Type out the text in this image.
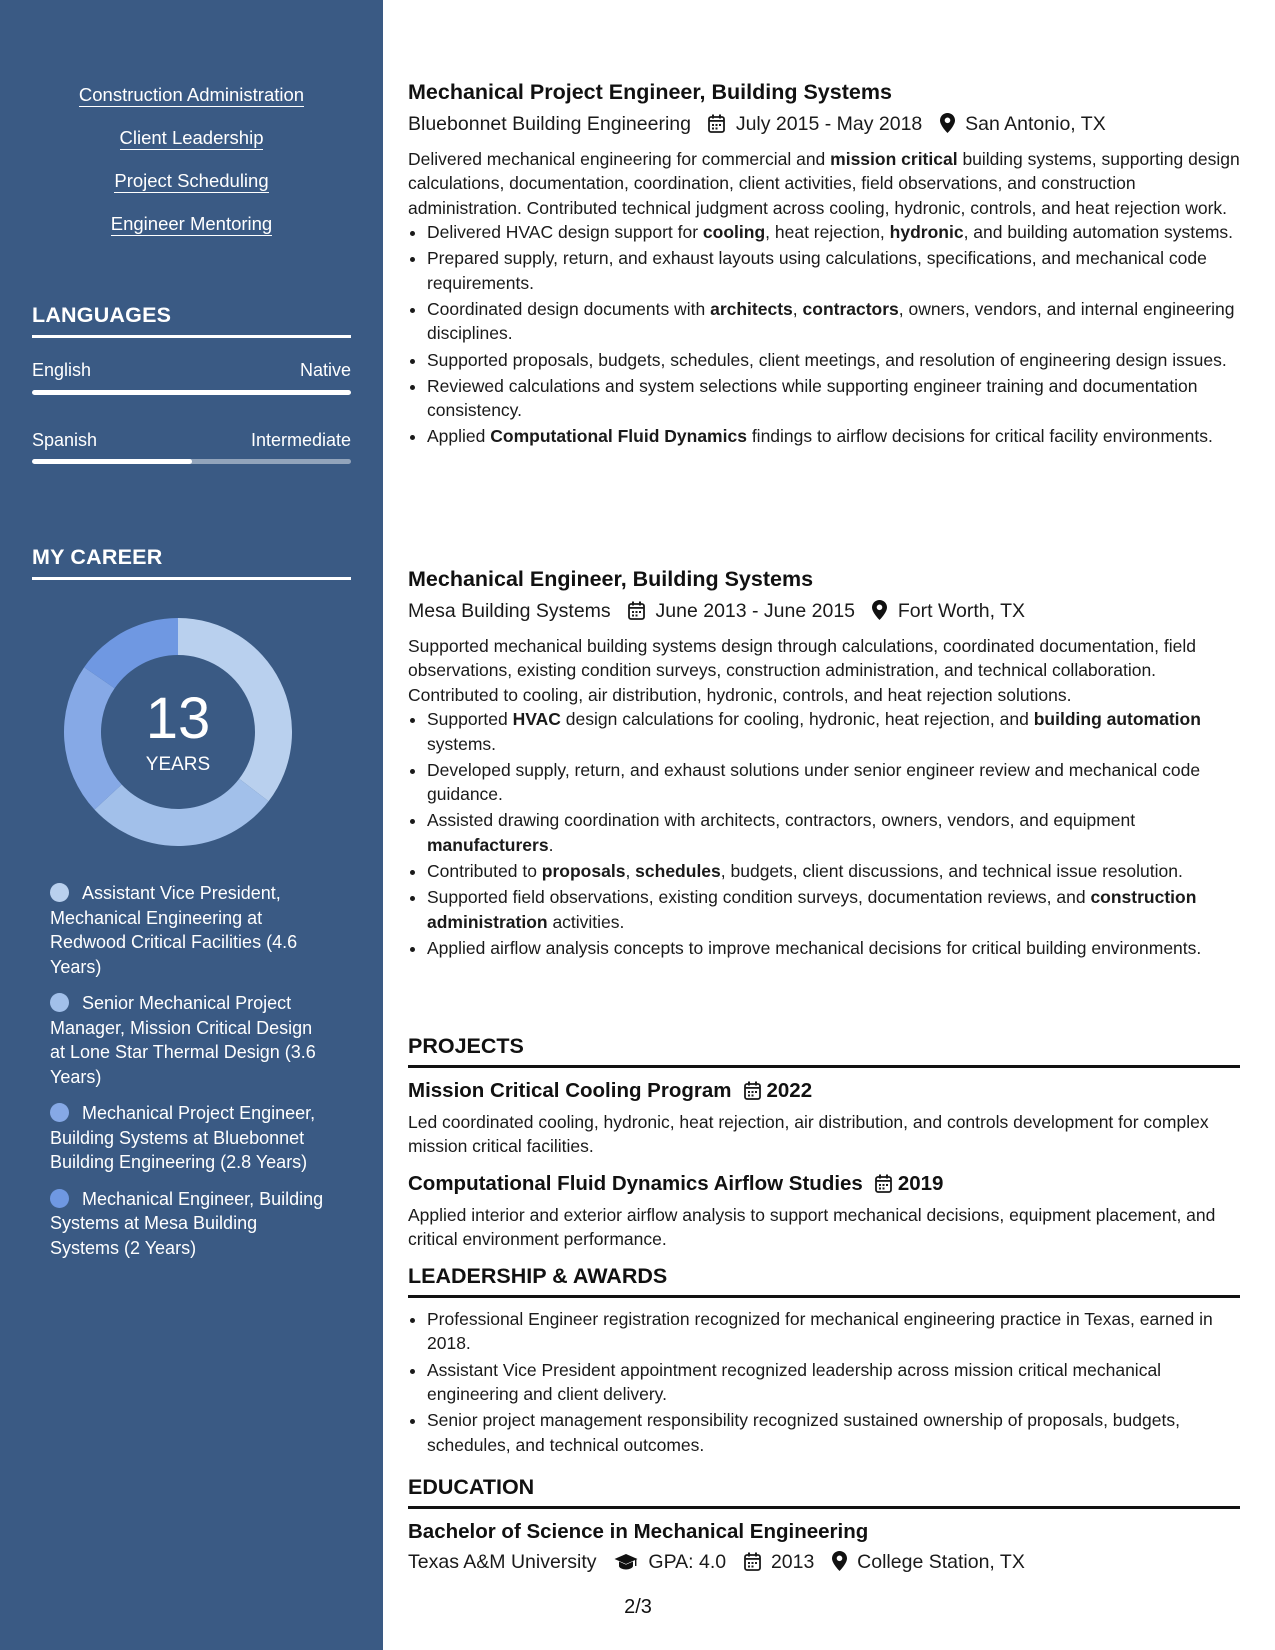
Construction Administration
Client Leadership
Project Scheduling
Engineer Mentoring
LANGUAGES
English	Native
Spanish	Intermediate
MY CAREER
13
YEARS
Assistant Vice President, Mechanical Engineering at Redwood Critical Facilities (4.6 Years)
Senior Mechanical Project Manager, Mission Critical Design at Lone Star Thermal Design (3.6 Years)
Mechanical Project Engineer, Building Systems at Bluebonnet Building Engineering (2.8 Years)
Mechanical Engineer, Building Systems at Mesa Building Systems (2 Years)
Mechanical Project Engineer, Building Systems
Bluebonnet Building Engineering July 2015 - May 2018 San Antonio, TX
Delivered mechanical engineering for commercial and mission critical building systems, supporting design calculations, documentation, coordination, client activities, field observations, and construction administration. Contributed technical judgment across cooling, hydronic, controls, and heat rejection work.
• Delivered HVAC design support for cooling, heat rejection, hydronic, and building automation systems.
• Prepared supply, return, and exhaust layouts using calculations, specifications, and mechanical code requirements.
• Coordinated design documents with architects, contractors, owners, vendors, and internal engineering disciplines.
• Supported proposals, budgets, schedules, client meetings, and resolution of engineering design issues.
• Reviewed calculations and system selections while supporting engineer training and documentation consistency.
• Applied Computational Fluid Dynamics findings to airflow decisions for critical facility environments.
Mechanical Engineer, Building Systems
Mesa Building Systems June 2013 - June 2015 Fort Worth, TX
Supported mechanical building systems design through calculations, coordinated documentation, field observations, existing condition surveys, construction administration, and technical collaboration. Contributed to cooling, air distribution, hydronic, controls, and heat rejection solutions.
• Supported HVAC design calculations for cooling, hydronic, heat rejection, and building automation systems.
• Developed supply, return, and exhaust solutions under senior engineer review and mechanical code guidance.
• Assisted drawing coordination with architects, contractors, owners, vendors, and equipment manufacturers.
• Contributed to proposals, schedules, budgets, client discussions, and technical issue resolution.
• Supported field observations, existing condition surveys, documentation reviews, and construction administration activities.
• Applied airflow analysis concepts to improve mechanical decisions for critical building environments.
PROJECTS
Mission Critical Cooling Program 2022
Led coordinated cooling, hydronic, heat rejection, air distribution, and controls development for complex mission critical facilities.
Computational Fluid Dynamics Airflow Studies 2019
Applied interior and exterior airflow analysis to support mechanical decisions, equipment placement, and critical environment performance.
LEADERSHIP & AWARDS
• Professional Engineer registration recognized for mechanical engineering practice in Texas, earned in 2018.
• Assistant Vice President appointment recognized leadership across mission critical mechanical engineering and client delivery.
• Senior project management responsibility recognized sustained ownership of proposals, budgets, schedules, and technical outcomes.
EDUCATION
Bachelor of Science in Mechanical Engineering
Texas A&M University	GPA: 4.0 2013 College Station, TX
2/3
